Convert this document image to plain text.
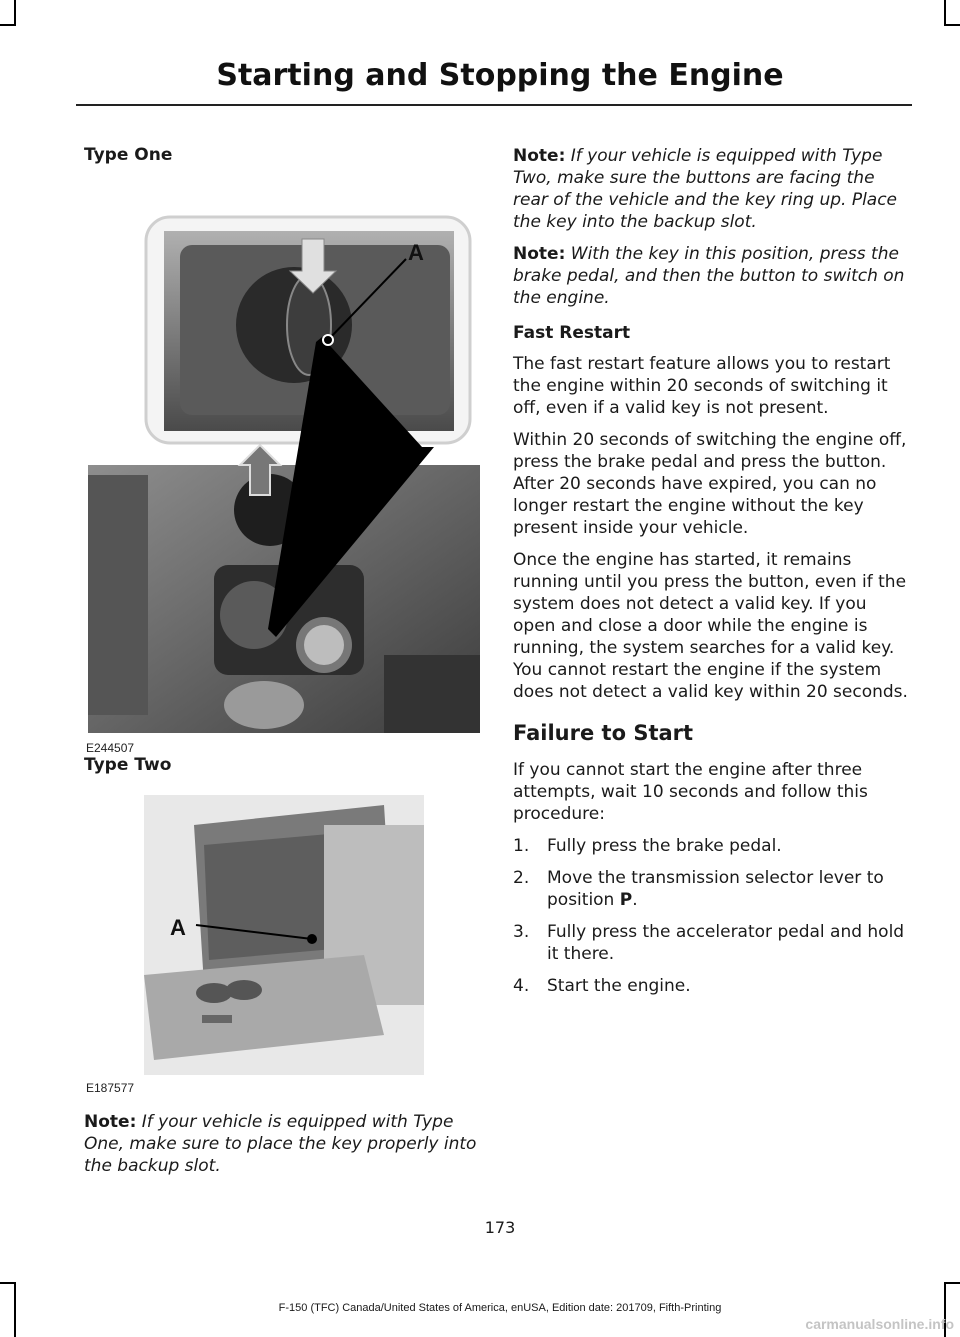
Starting and Stopping the Engine
Type One
A
E244507
Type Two
A
E187577

Note: If your vehicle is equipped with Type One, make sure to place the key properly into the backup slot.

Note: If your vehicle is equipped with Type Two, make sure the buttons are facing the rear of the vehicle and the key ring up. Place the key into the backup slot.

Note: With the key in this position, press the brake pedal, and then the button to switch on the engine.

Fast Restart

The fast restart feature allows you to restart the engine within 20 seconds of switching it off, even if a valid key is not present.

Within 20 seconds of switching the engine off, press the brake pedal and press the button. After 20 seconds have expired, you can no longer restart the engine without the key present inside your vehicle.

Once the engine has started, it remains running until you press the button, even if the system does not detect a valid key. If you open and close a door while the engine is running, the system searches for a valid key. You cannot restart the engine if the system does not detect a valid key within 20 seconds.

Failure to Start

If you cannot start the engine after three attempts, wait 10 seconds and follow this procedure:

1. Fully press the brake pedal.
2. Move the transmission selector lever to position P.
3. Fully press the accelerator pedal and hold it there.
4. Start the engine.
173
F-150 (TFC) Canada/United States of America, enUSA, Edition date: 201709, Fifth-Printing
carmanualsonline.info
